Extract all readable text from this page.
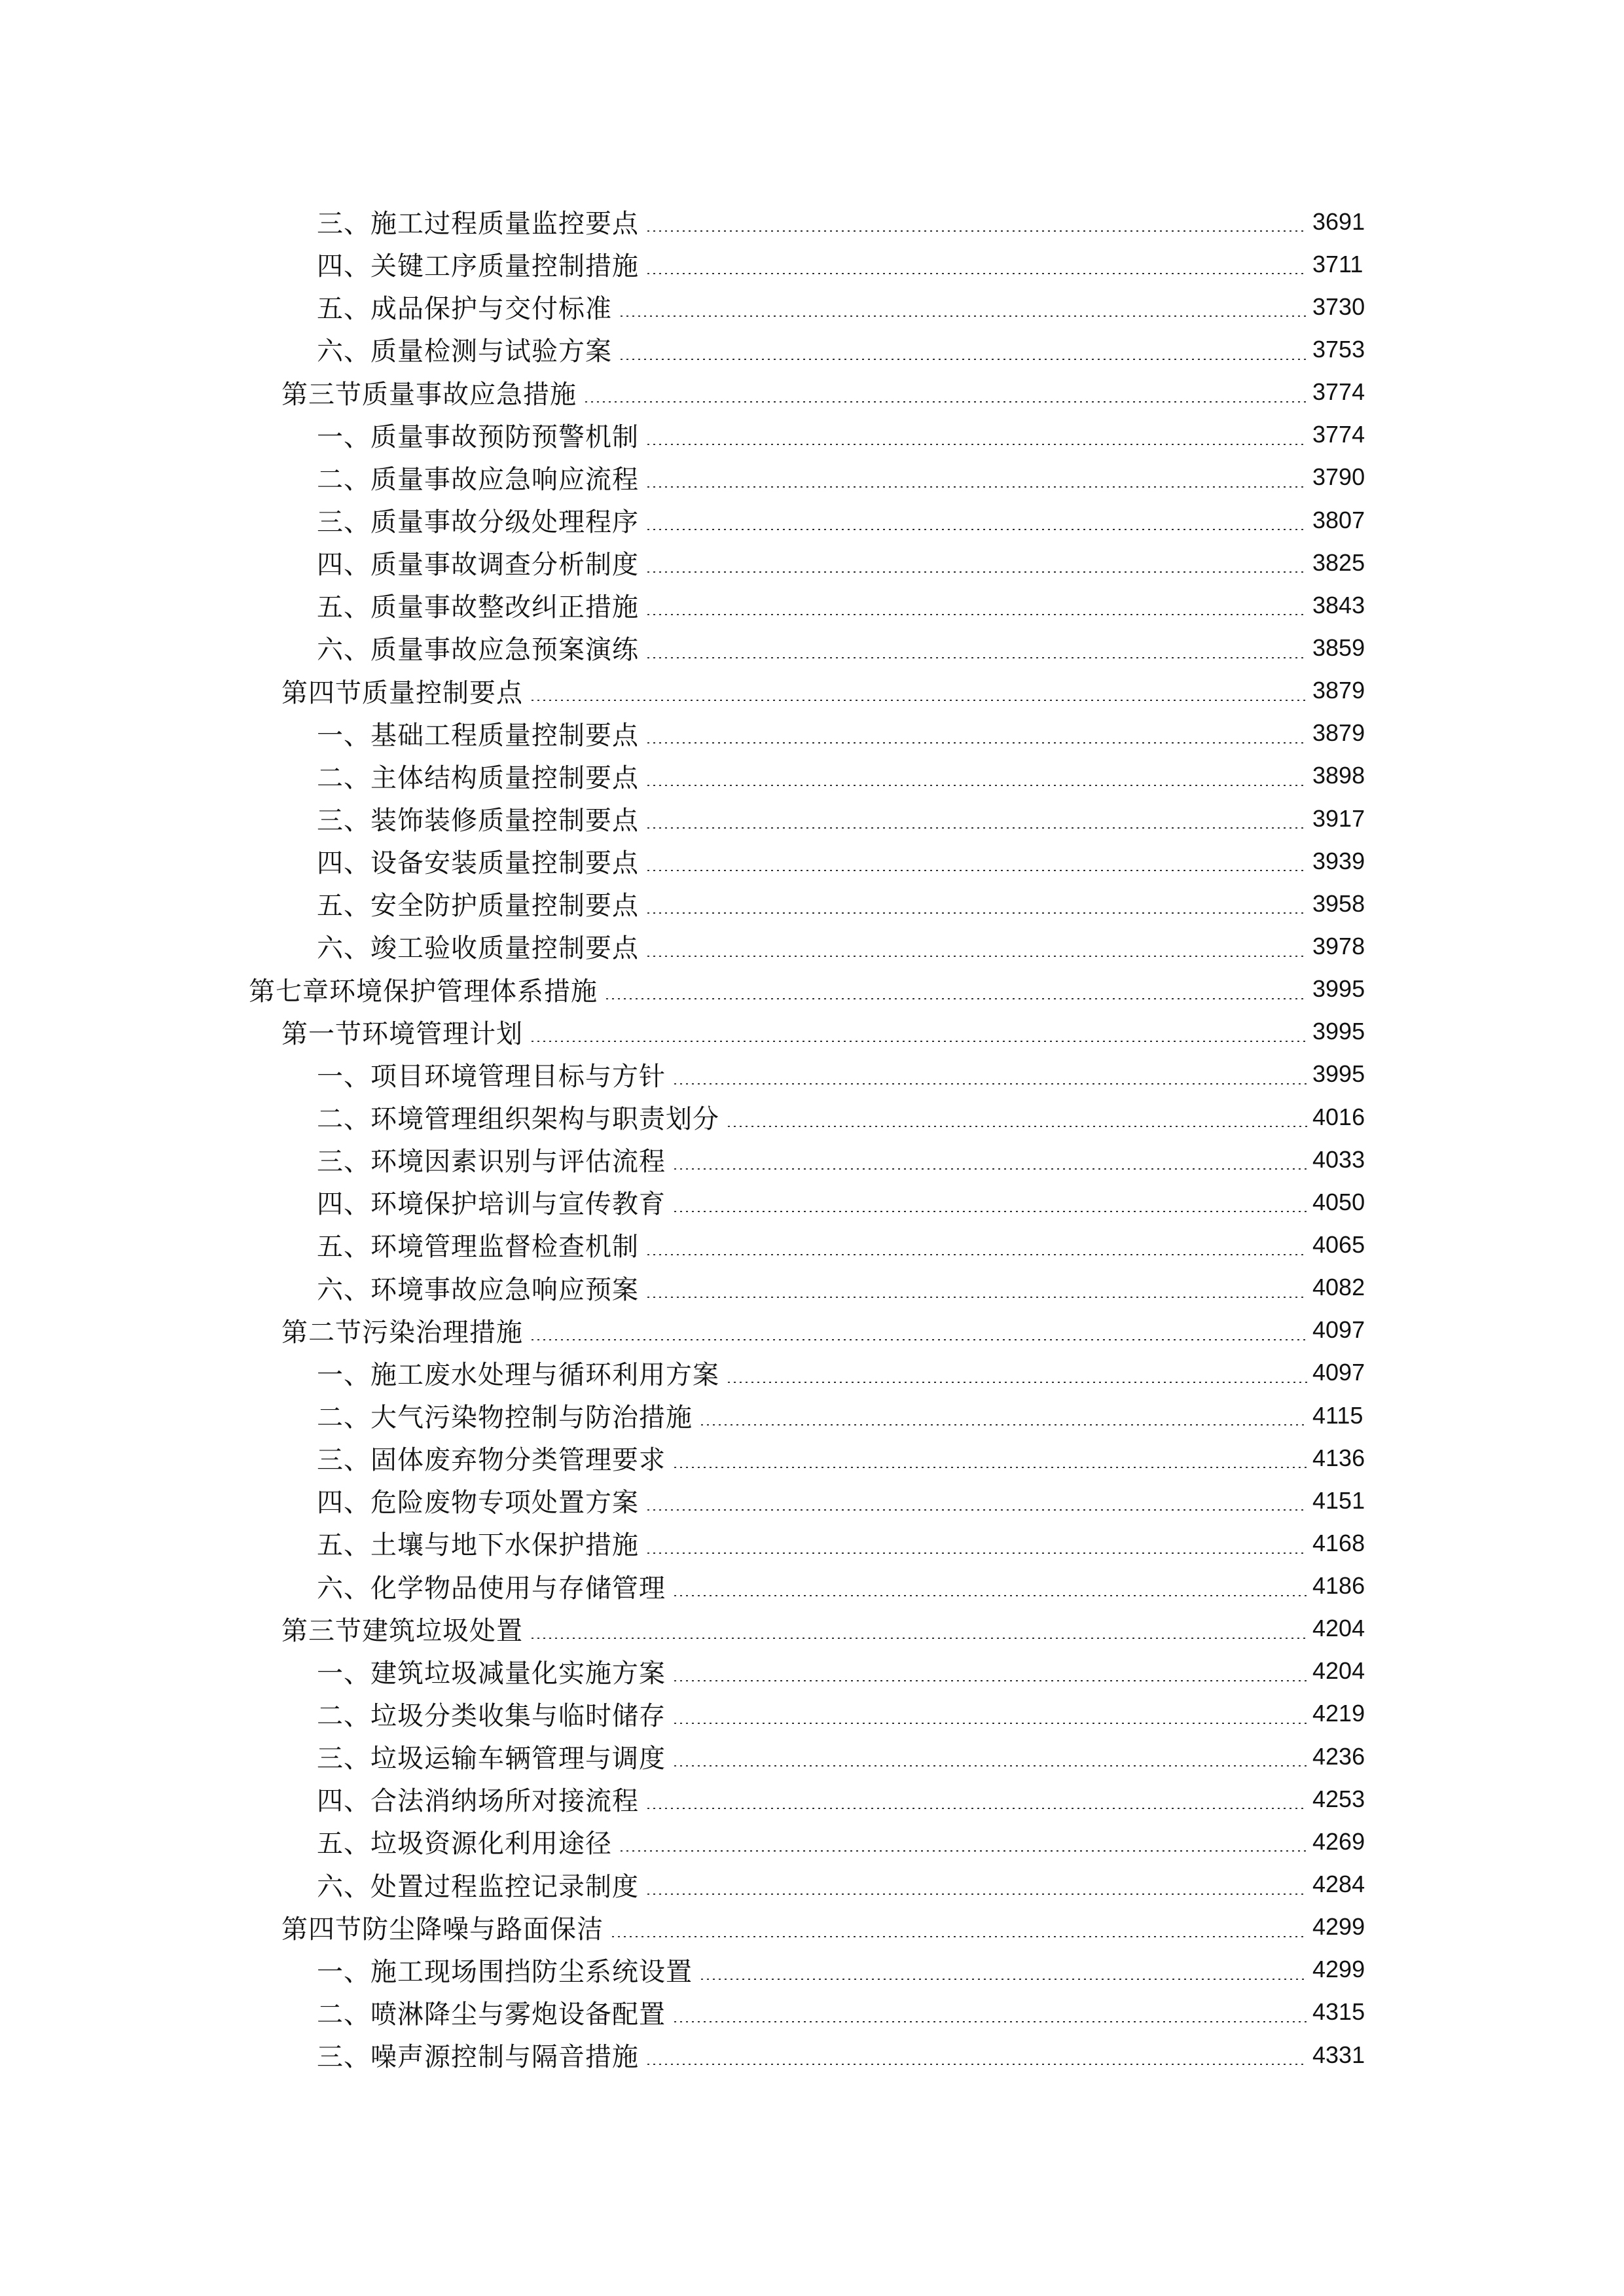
三、施工过程质量监控要点	3691
四、关键工序质量控制措施	3711
五、成品保护与交付标准	3730
六、质量检测与试验方案	3753
第三节质量事故应急措施	3774
一、质量事故预防预警机制	3774
二、质量事故应急响应流程	3790
三、质量事故分级处理程序	3807
四、质量事故调查分析制度	3825
五、质量事故整改纠正措施	3843
六、质量事故应急预案演练	3859
第四节质量控制要点	3879
一、基础工程质量控制要点	3879
二、主体结构质量控制要点	3898
三、装饰装修质量控制要点	3917
四、设备安装质量控制要点	3939
五、安全防护质量控制要点	3958
六、竣工验收质量控制要点	3978
第七章环境保护管理体系措施	3995
第一节环境管理计划	3995
一、项目环境管理目标与方针	3995
二、环境管理组织架构与职责划分	4016
三、环境因素识别与评估流程	4033
四、环境保护培训与宣传教育	4050
五、环境管理监督检查机制	4065
六、环境事故应急响应预案	4082
第二节污染治理措施	4097
一、施工废水处理与循环利用方案	4097
二、大气污染物控制与防治措施	4115
三、固体废弃物分类管理要求	4136
四、危险废物专项处置方案	4151
五、土壤与地下水保护措施	4168
六、化学物品使用与存储管理	4186
第三节建筑垃圾处置	4204
一、建筑垃圾减量化实施方案	4204
二、垃圾分类收集与临时储存	4219
三、垃圾运输车辆管理与调度	4236
四、合法消纳场所对接流程	4253
五、垃圾资源化利用途径	4269
六、处置过程监控记录制度	4284
第四节防尘降噪与路面保洁	4299
一、施工现场围挡防尘系统设置	4299
二、喷淋降尘与雾炮设备配置	4315
三、噪声源控制与隔音措施	4331
